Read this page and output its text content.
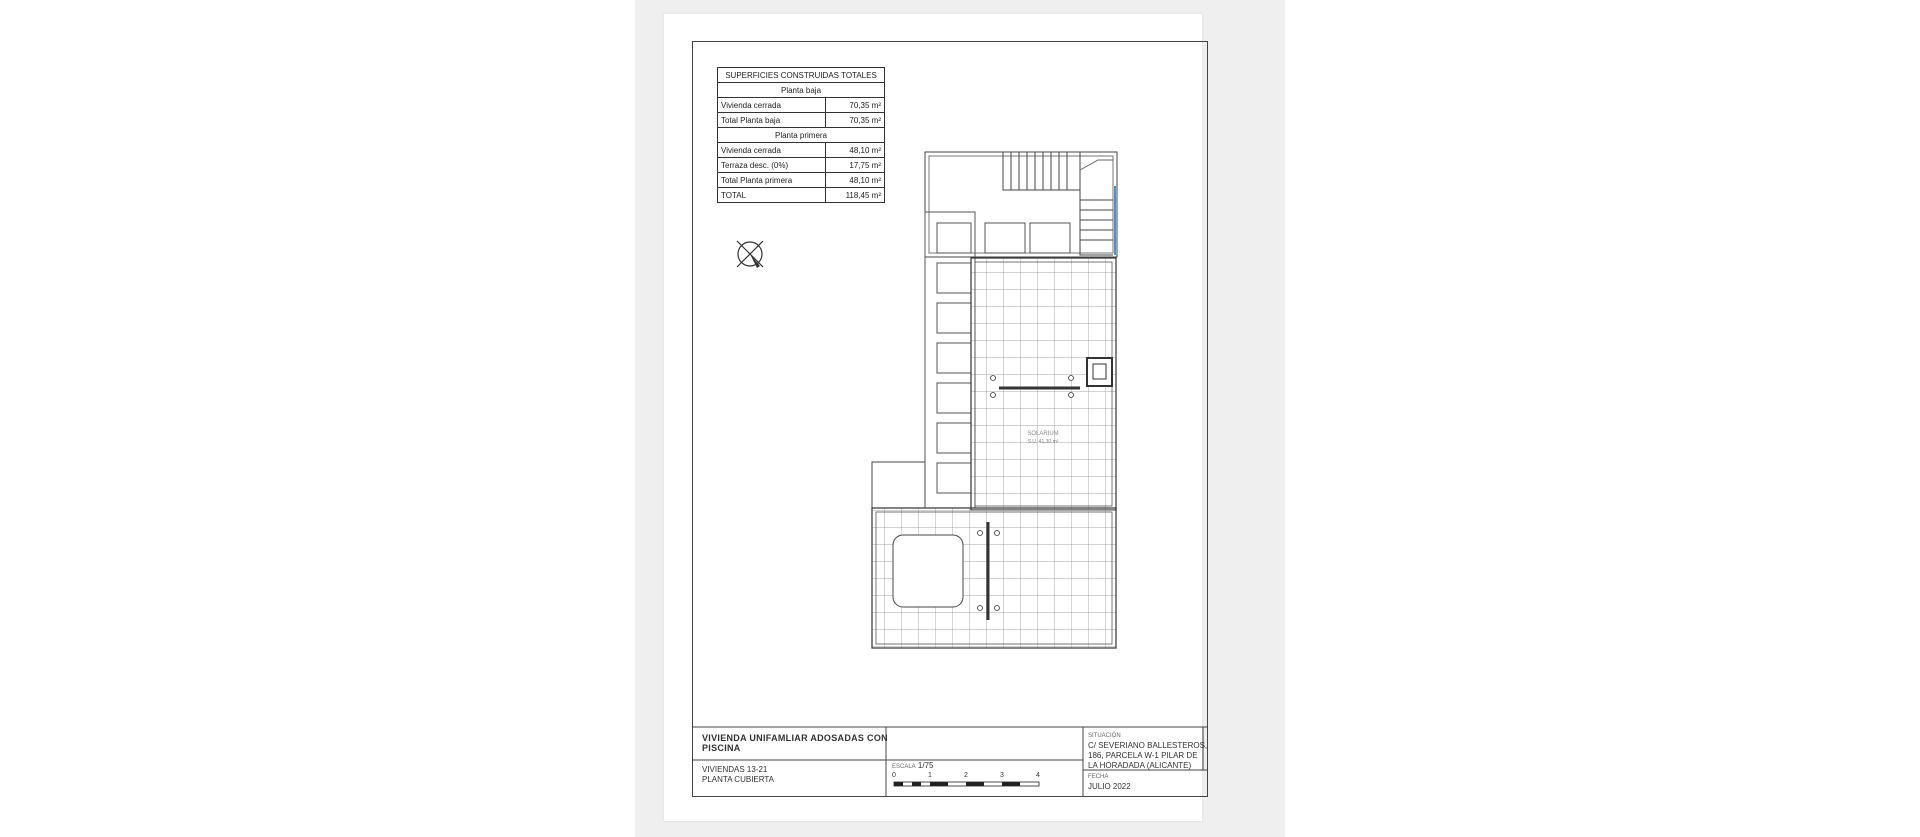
SUPERFICIES CONSTRUIDAS TOTALES	
Planta baja	
Vivienda cerrada	70,35 m²
Total Planta baja	70,35 m²
Planta primera	
Vivienda cerrada	48,10 m²
Terraza desc. (0%)	17,75 m²
Total Planta primera	48,10 m²
TOTAL	118,45 m²
SOLARIUM
S.U. 41,30 m²
VIVIENDA UNIFAMLIAR ADOSADAS CON
PISCINA
VIVIENDAS 13-21
PLANTA CUBIERTA
ESCALA 1/75
0	1	2	3	4
SITUACIÓN
C/ SEVERIANO BALLESTEROS,
186, PARCELA W-1 PILAR DE
LA HORADADA (ALICANTE)
FECHA
JULIO 2022
